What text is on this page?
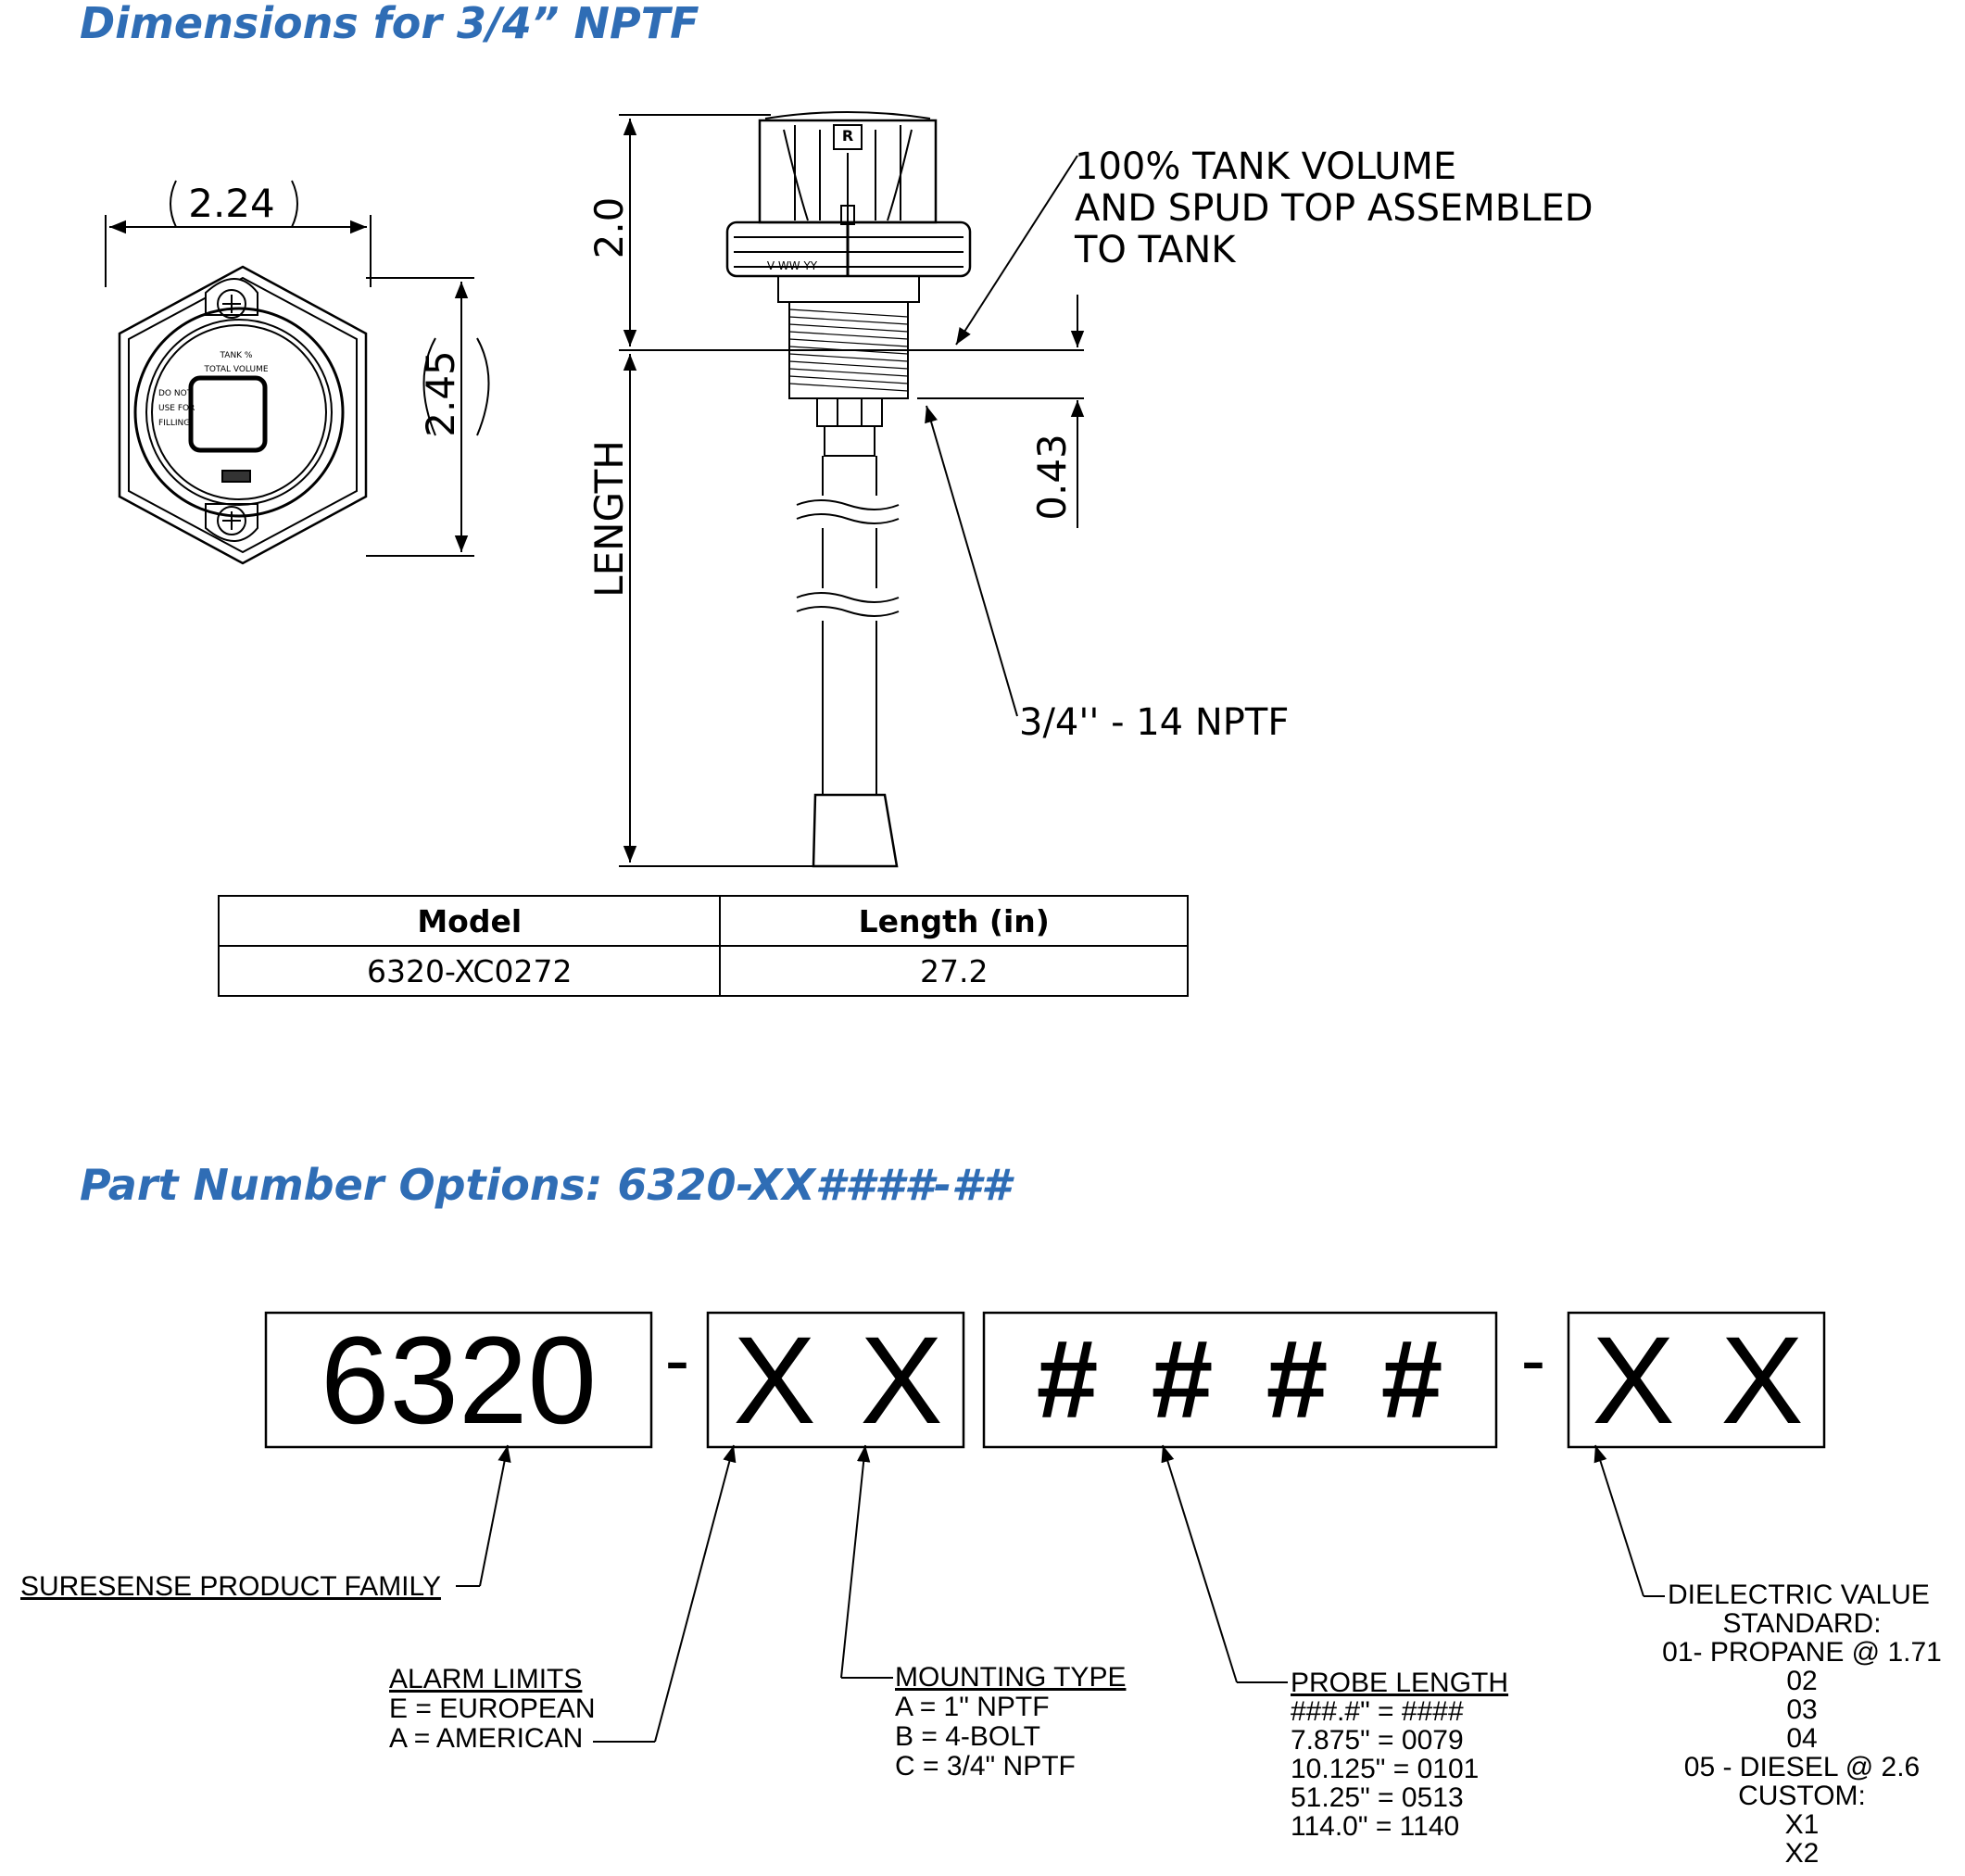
Dimensions for 3/4” NPTF
Part Number Options: 6320-XX####-##
2.24
2.45
TANK %
TOTAL VOLUME
DO NOT
USE FOR
FILLING
2.0
LENGTH	0.43
R
V WW YY
100% TANK VOLUME
AND SPUD TOP ASSEMBLED
TO TANK
3/4'' - 14 NPTF
6320 - X X # # # # - X X
SURESENSE PRODUCT FAMILY
ALARM LIMITS
E = EUROPEAN
A = AMERICAN
MOUNTING TYPE
A = 1" NPTF
B = 4-BOLT
C = 3/4" NPTF
PROBE LENGTH
###.#" = ####
7.875" = 0079
10.125" = 0101
51.25" = 0513
114.0" = 1140
DIELECTRIC VALUE
STANDARD:
01- PROPANE @ 1.71
02
03
04
05 - DIESEL @ 2.6
CUSTOM:
X1
X2
Model	Length (in)
6320-XC0272	27.2
